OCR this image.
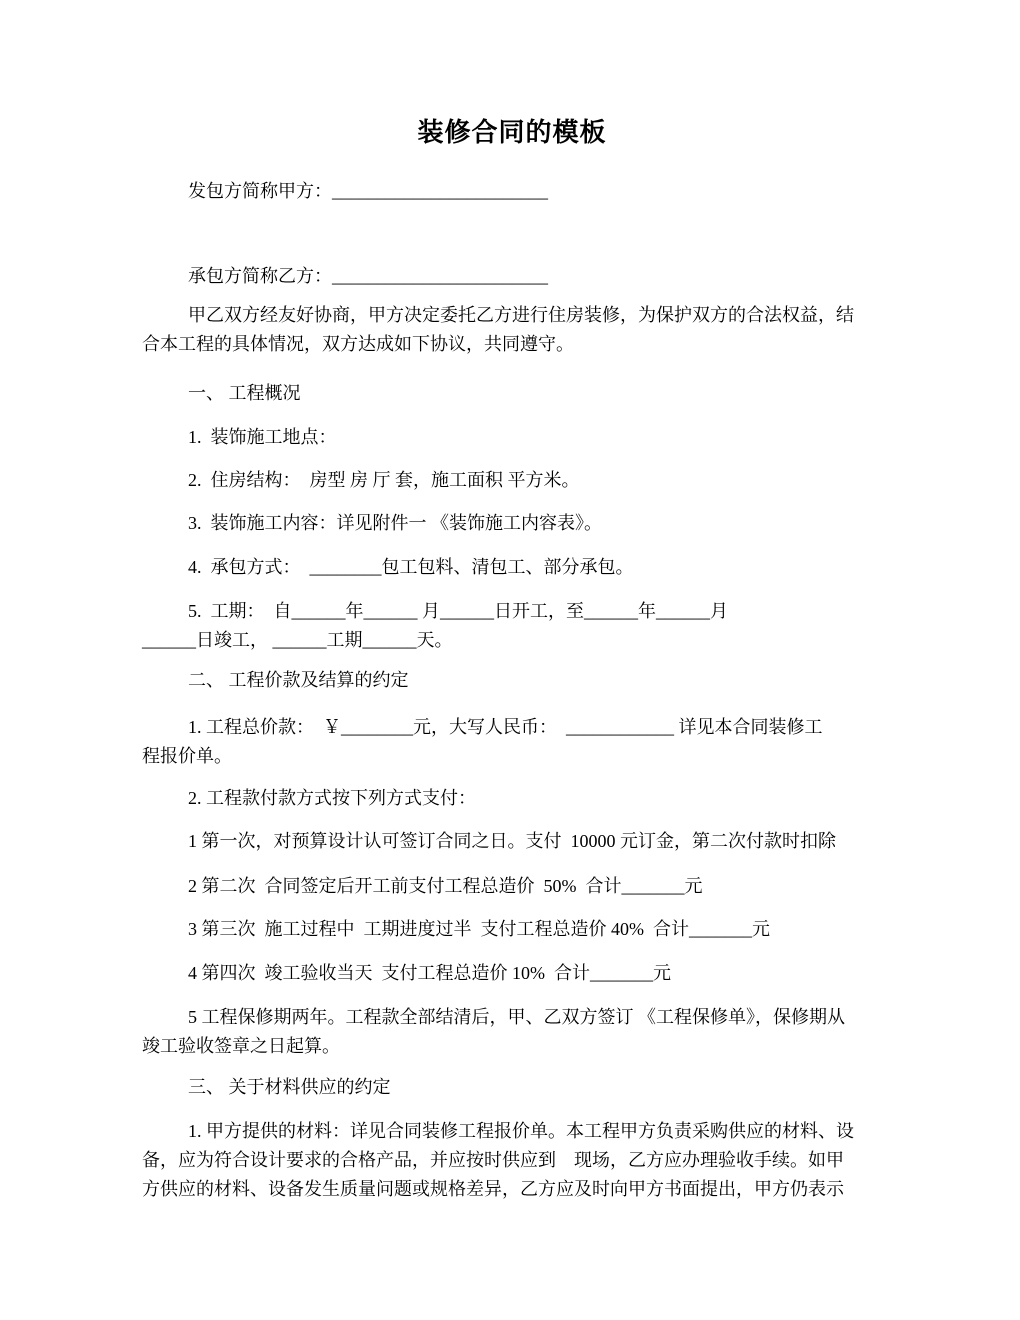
装修合同的模板
发包方简称甲方：________________________
承包方简称乙方：________________________
甲乙双方经友好协商，甲方决定委托乙方进行住房装修，为保护双方的合法权益，结
合本工程的具体情况，双方达成如下协议，共同遵守。
一、 工程概况
1.  装饰施工地点：
2.  住房结构：  房型 房 厅 套，施工面积 平方米。
3.  装饰施工内容：详见附件一 《装饰施工内容表》。
4.  承包方式：  ________包工包料、清包工、部分承包。
5.  工期：  自______年______ 月______日开工，至______年______月
______日竣工， ______工期______天。
二、 工程价款及结算的约定
1. 工程总价款：  ￥________元，大写人民币：  ____________ 详见本合同装修工
程报价单。
2. 工程款付款方式按下列方式支付：
1 第一次，对预算设计认可签订合同之日。支付  10000 元订金，第二次付款时扣除
2 第二次  合同签定后开工前支付工程总造价  50%  合计_______元
3 第三次  施工过程中  工期进度过半  支付工程总造价 40%  合计_______元
4 第四次  竣工验收当天  支付工程总造价 10%  合计_______元
5 工程保修期两年。工程款全部结清后，甲、乙双方签订 《工程保修单》，保修期从
竣工验收签章之日起算。
三、 关于材料供应的约定
1. 甲方提供的材料：详见合同装修工程报价单。本工程甲方负责采购供应的材料、设
备，应为符合设计要求的合格产品，并应按时供应到　现场，乙方应办理验收手续。如甲
方供应的材料、设备发生质量问题或规格差异，乙方应及时向甲方书面提出，甲方仍表示
